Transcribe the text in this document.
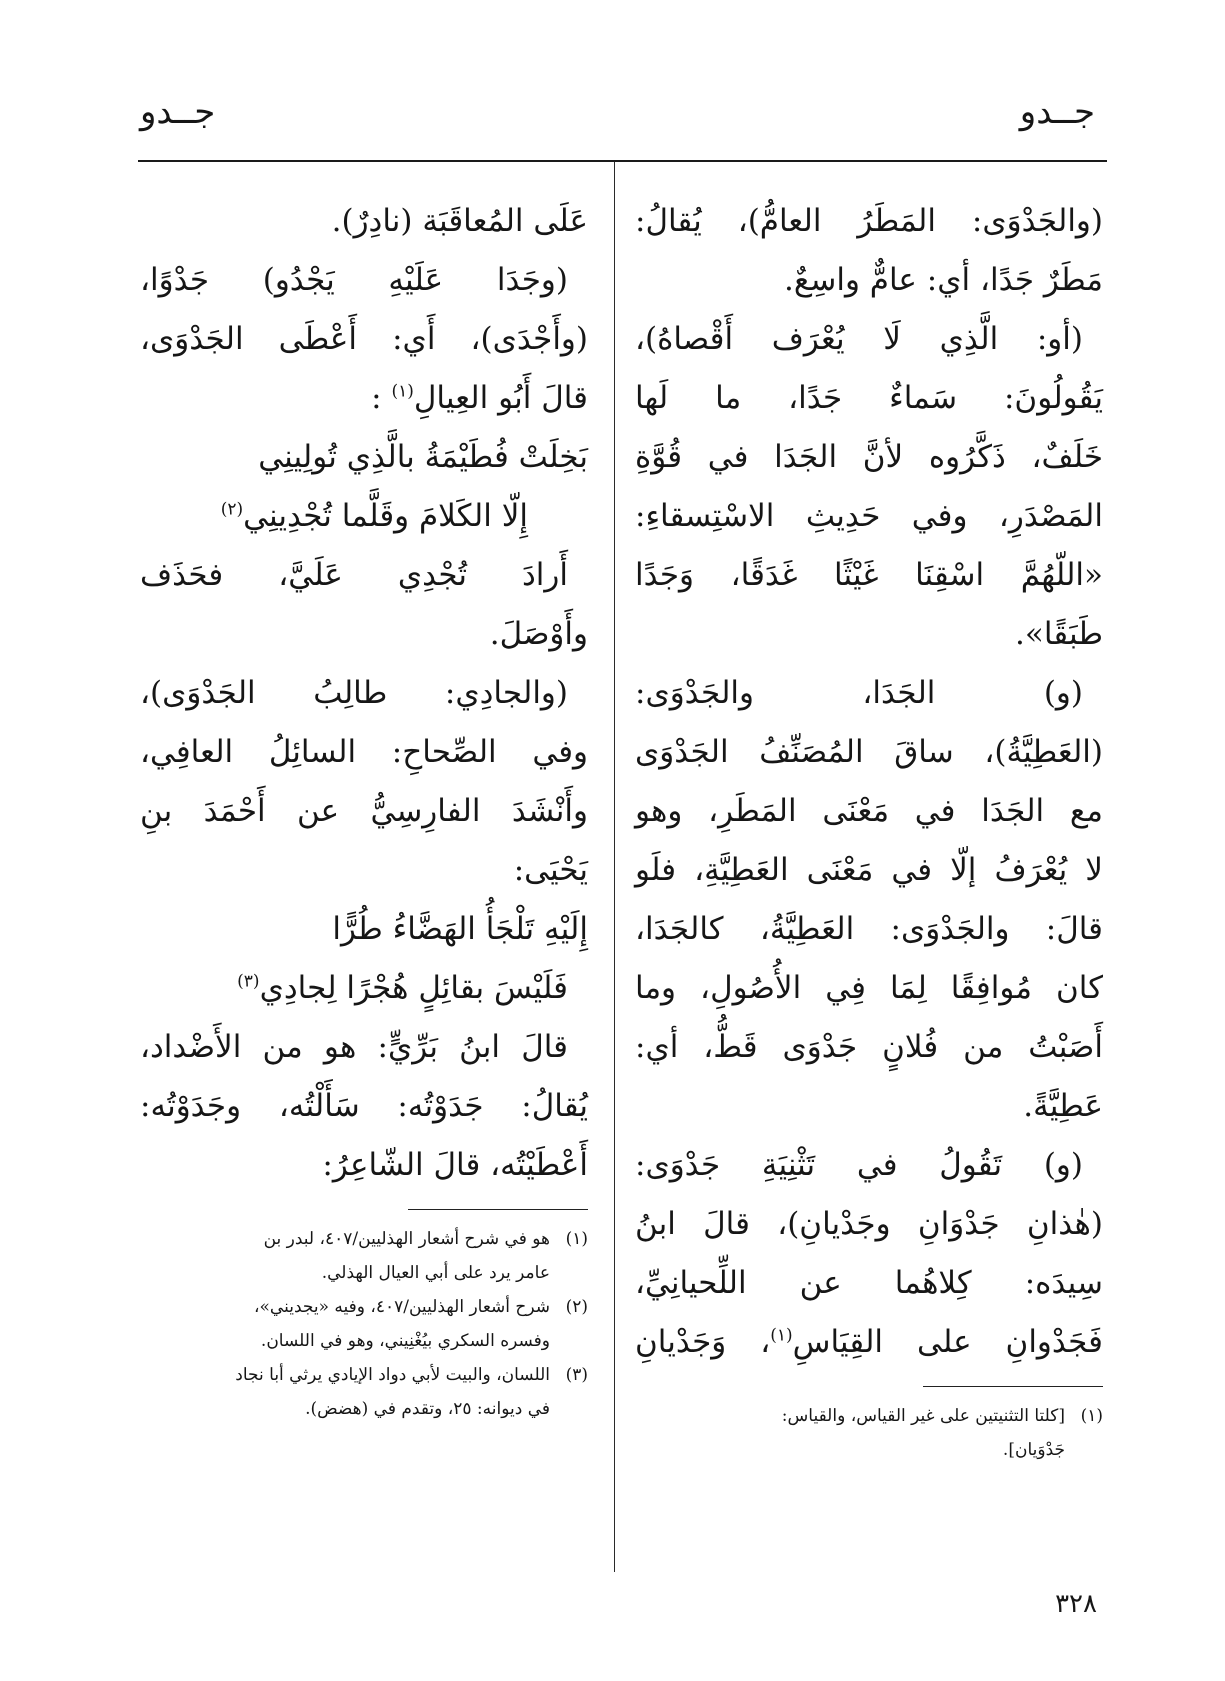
جــدو
جــدو
(والجَدْوَى: المَطَرُ العامُّ)، يُقالُ:
مَطَرٌ جَدًا، أي: عامٌّ واسِعٌ.
(أو: الَّذِي لَا يُعْرَف أَقْصاهُ)،
يَقُولُونَ: سَماءٌ جَدًا، ما لَها
خَلَفٌ، ذَكَّرُوه لأنَّ الجَدَا في قُوَّةِ
المَصْدَرِ، وفي حَدِيثِ الاسْتِسقاءِ:
«اللّهُمَّ اسْقِنَا غَيْثًا غَدَقًا، وَجَدًا
طَبَقًا».
(و) الجَدَا، والجَدْوَى:
(العَطِيَّةُ)، ساقَ المُصَنِّفُ الجَدْوَى
مع الجَدَا في مَعْنَى المَطَرِ، وهو
لا يُعْرَفُ إلّا في مَعْنَى العَطِيَّةِ، فلَو
قالَ: والجَدْوَى: العَطِيَّةُ، كالجَدَا،
كان مُوافِقًا لِمَا فِي الأُصُولِ، وما
أَصَبْتُ من فُلانٍ جَدْوَى قَطُّ، أي:
عَطِيَّةً.
(و) تَقُولُ في تَثْنِيَةِ جَدْوَى:
(هٰذانِ جَدْوَانِ وجَدْيانِ)، قالَ ابنُ
سِيدَه: كِلاهُما عن اللِّحيانِيِّ،
فَجَدْوانِ على القِيَاسِ$^{(١)}$، وَجَدْيانِ
(١)[كلتا التثنيتين على غير القياس، والقياس:
جَدْوَيان].
عَلَى المُعاقَبَة (نادِرٌ).
(وجَدَا عَلَيْهِ يَجْدُو) جَدْوًا،
(وأَجْدَى)، أَي: أَعْطَى الجَدْوَى،
قالَ أَبُو العِيالِ$^{(١)}$ :
بَخِلَتْ فُطَيْمَةُ بالَّذِي تُولِينِي
إِلّا الكَلامَ وقَلَّما تُجْدِينِي$^{(٢)}$
أَرادَ تُجْدِي عَلَيَّ، فحَذَف
وأَوْصَلَ.
(والجادِي: طالِبُ الجَدْوَى)،
وفي الصِّحاحِ: السائِلُ العافِي،
وأَنْشَدَ الفارِسِيُّ عن أَحْمَدَ بنِ
يَحْيَى:
إِلَيْهِ تَلْجَأُ الهَضَّاءُ طُرًّا
فَلَيْسَ بقائِلٍ هُجْرًا لِجادِي$^{(٣)}$
قالَ ابنُ بَرِّيٍّ: هو من الأَضْداد،
يُقالُ: جَدَوْتُه: سَأَلْتُه، وجَدَوْتُه:
أَعْطَيْتُه، قالَ الشّاعِرُ:
(١)هو في شرح أشعار الهذليين/٤٠٧، لبدر بن
عامر يرد على أبي العيال الهذلي.
(٢)شرح أشعار الهذليين/٤٠٧، وفيه «يجديني»،
وفسره السكري بيُغْنِيني، وهو في اللسان.
(٣)اللسان، والبيت لأبي دواد الإيادي يرثي أبا نجاد
في ديوانه: ٢٥، وتقدم في (هضض).
٣٢٨
